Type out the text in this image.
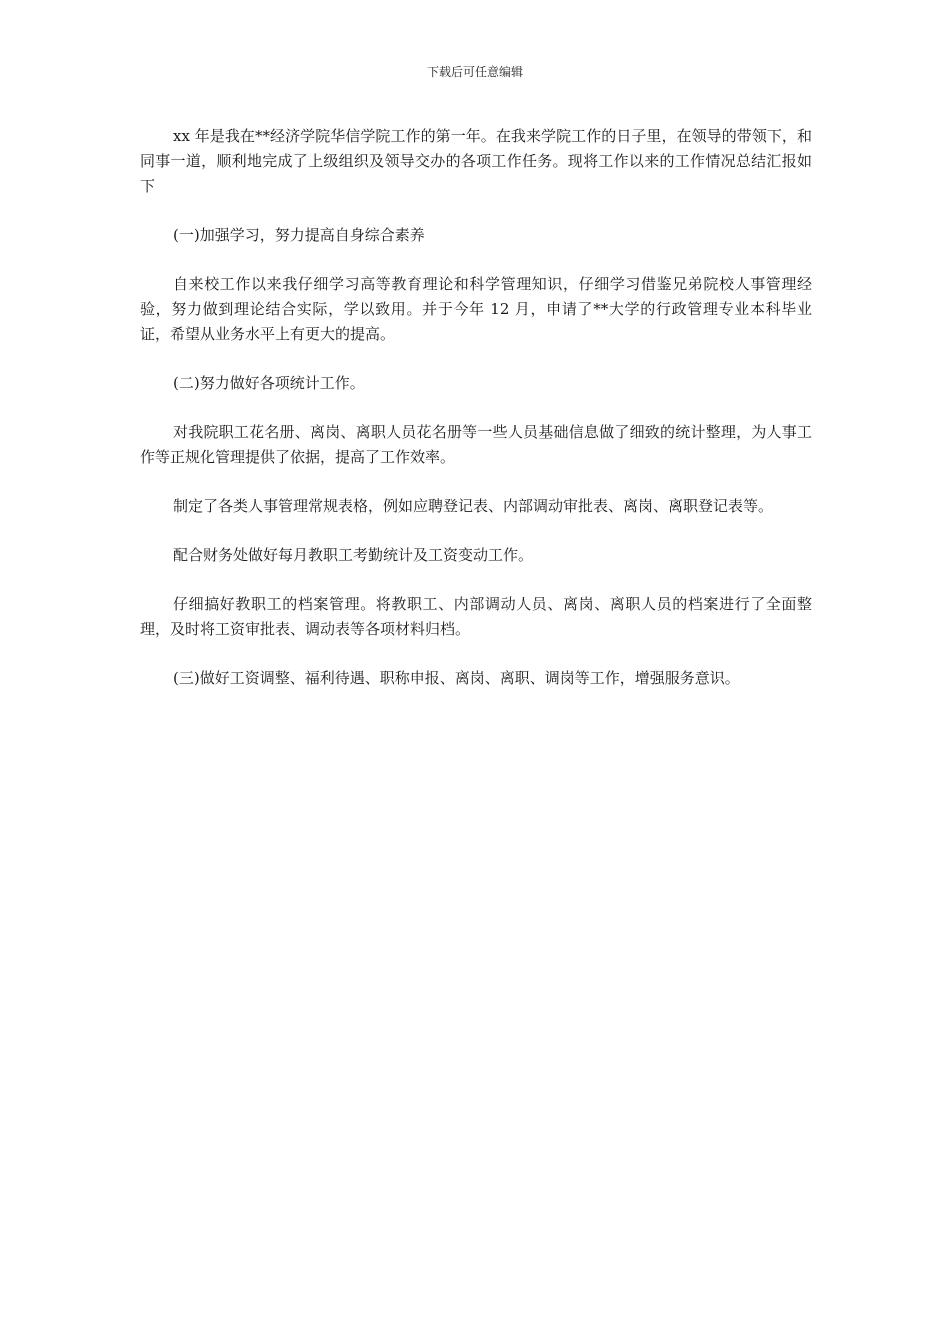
下载后可任意编辑

xx 年是我在**经济学院华信学院工作的第一年。在我来学院工作的日子里，在领导的带领下，和同事一道，顺利地完成了上级组织及领导交办的各项工作任务。现将工作以来的工作情况总结汇报如下

(一)加强学习，努力提高自身综合素养

自来校工作以来我仔细学习高等教育理论和科学管理知识，仔细学习借鉴兄弟院校人事管理经验，努力做到理论结合实际，学以致用。并于今年 12 月，申请了**大学的行政管理专业本科毕业证，希望从业务水平上有更大的提高。

(二)努力做好各项统计工作。

对我院职工花名册、离岗、离职人员花名册等一些人员基础信息做了细致的统计整理，为人事工作等正规化管理提供了依据，提高了工作效率。

制定了各类人事管理常规表格，例如应聘登记表、内部调动审批表、离岗、离职登记表等。

配合财务处做好每月教职工考勤统计及工资变动工作。

仔细搞好教职工的档案管理。将教职工、内部调动人员、离岗、离职人员的档案进行了全面整理，及时将工资审批表、调动表等各项材料归档。

(三)做好工资调整、福利待遇、职称申报、离岗、离职、调岗等工作，增强服务意识。
